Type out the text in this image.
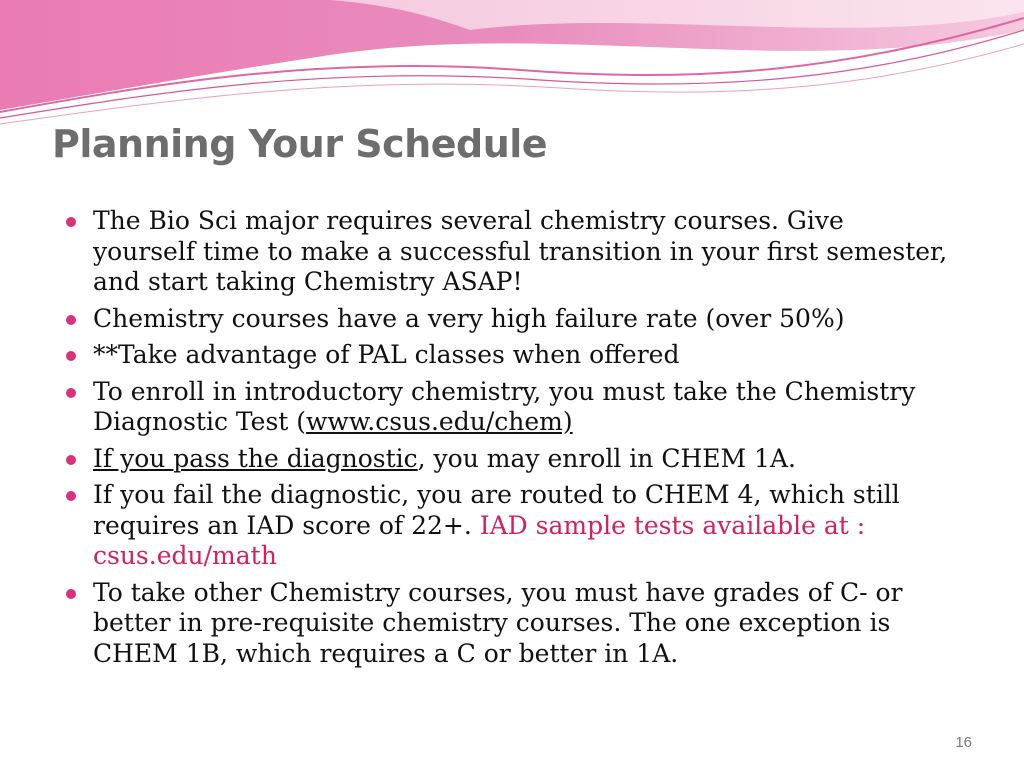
Planning Your Schedule
The Bio Sci major requires several chemistry courses. Give yourself time to make a successful transition in your first semester, and start taking Chemistry ASAP!
Chemistry courses have a very high failure rate (over 50%)
**Take advantage of PAL classes when offered
To enroll in introductory chemistry, you must take the Chemistry Diagnostic Test (www.csus.edu/chem)
If you pass the diagnostic, you may enroll in CHEM 1A.
If you fail the diagnostic, you are routed to CHEM 4, which still requires an IAD score of 22+. IAD sample tests available at : csus.edu/math
To take other Chemistry courses, you must have grades of C- or better in pre-requisite chemistry courses. The one exception is CHEM 1B, which requires a C or better in 1A.
16
